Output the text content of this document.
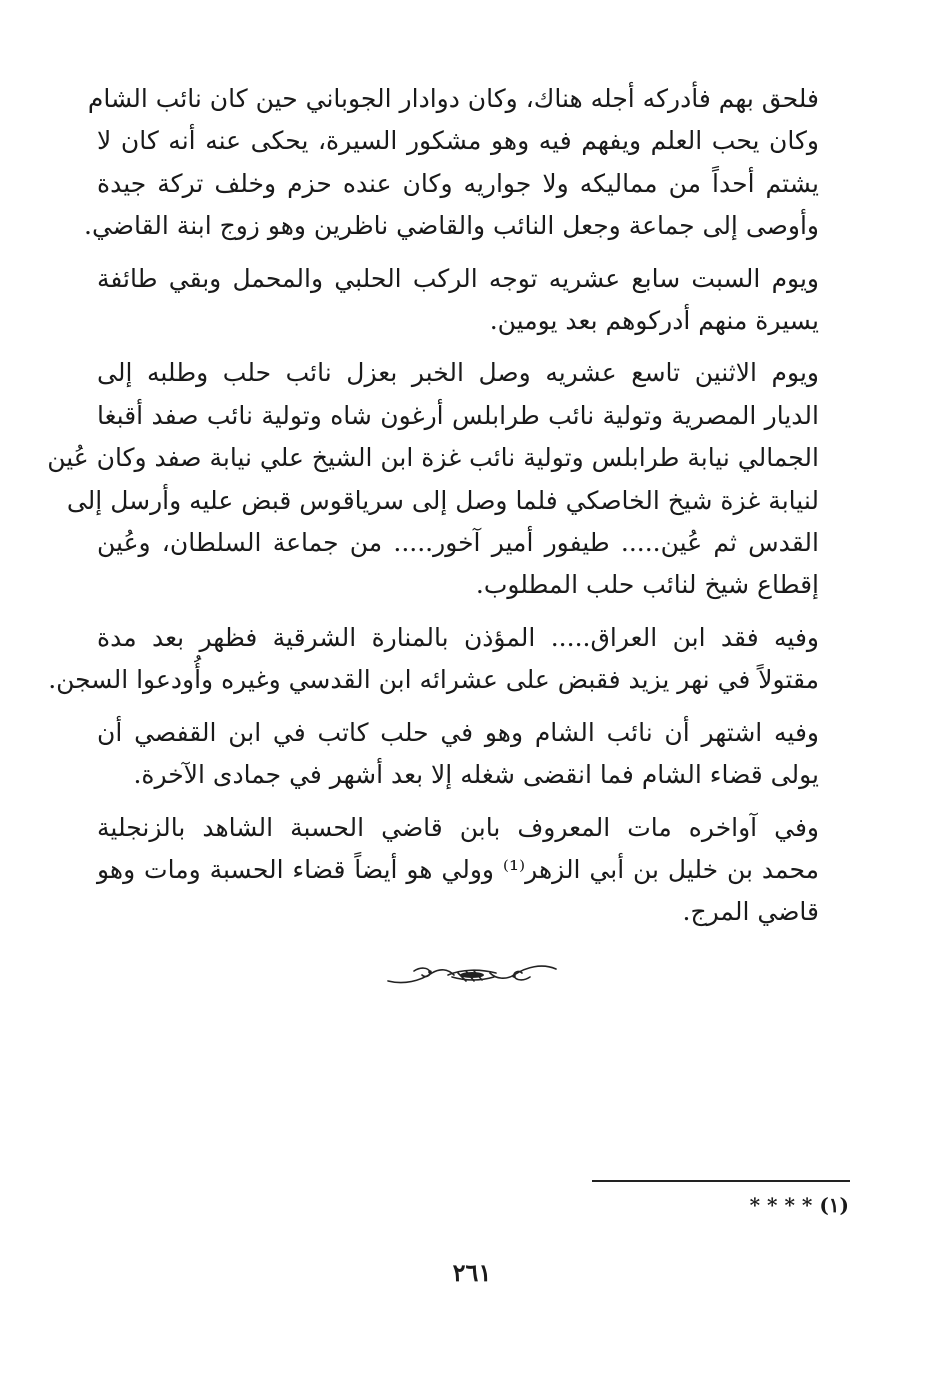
فلحق بهم فأدركه أجله هناك، وكان دوادار الجوباني حين كان نائب الشام
وكان يحب العلم ويفهم فيه وهو مشكور السيرة، يحكى عنه أنه كان لا
يشتم أحداً من مماليكه ولا جواريه وكان عنده حزم وخلف تركة جيدة
وأوصى إلى جماعة وجعل النائب والقاضي ناظرين وهو زوج ابنة القاضي.

ويوم السبت سابع عشريه توجه الركب الحلبي والمحمل وبقي طائفة
يسيرة منهم أدركوهم بعد يومين.

ويوم الاثنين تاسع عشريه وصل الخبر بعزل نائب حلب وطلبه إلى
الديار المصرية وتولية نائب طرابلس أرغون شاه وتولية نائب صفد أقبغا
الجمالي نيابة طرابلس وتولية نائب غزة ابن الشيخ علي نيابة صفد وكان عُين
لنيابة غزة شيخ الخاصكي فلما وصل إلى سرياقوس قبض عليه وأرسل إلى
القدس ثم عُين..... طيفور أمير آخور..... من جماعة السلطان، وعُين
إقطاع شيخ لنائب حلب المطلوب.

وفيه فقد ابن العراق..... المؤذن بالمنارة الشرقية فظهر بعد مدة
مقتولاً في نهر يزيد فقبض على عشرائه ابن القدسي وغيره وأُودعوا السجن.

وفيه اشتهر أن نائب الشام وهو في حلب كاتب في ابن القفصي أن
يولى قضاء الشام فما انقضى شغله إلا بعد أشهر في جمادى الآخرة.

وفي آواخره مات المعروف بابن قاضي الحسبة الشاهد بالزنجلية
محمد بن خليل بن أبي الزهر⁽¹⁾ وولي هو أيضاً قضاء الحسبة ومات وهو
قاضي المرج.

(١) * * * *
٢٦١
